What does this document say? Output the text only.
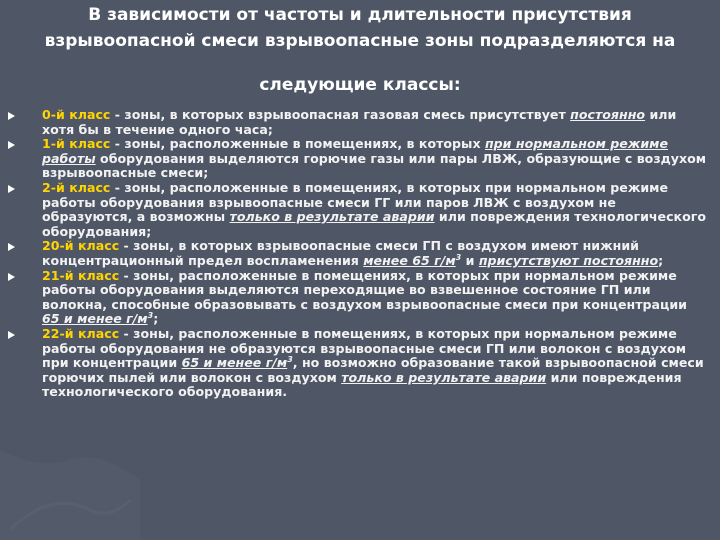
В зависимости от частоты и длительности присутствия
взрывоопасной смеси взрывоопасные зоны подразделяются на
следующие классы:
0-й класс - зоны, в которых взрывоопасная газовая смесь присутствует постоянно или хотя бы в течение одного часа;
1-й класс - зоны, расположенные в помещениях, в которых при нормальном режиме работы оборудования выделяются горючие газы или пары ЛВЖ, образующие с воздухом взрывоопасные смеси;
2-й класс - зоны, расположенные в помещениях, в которых при нормальном режиме работы оборудования взрывоопасные смеси ГГ или паров ЛВЖ с воздухом не образуются, а возможны только в результате аварии или повреждения технологического оборудования;
20-й класс - зоны, в которых взрывоопасные смеси ГП с воздухом имеют нижний концентрационный предел воспламенения менее 65 $г/м^3$ и присутствуют постоянно;
21-й класс - зоны, расположенные в помещениях, в которых при нормальном режиме работы оборудования выделяются переходящие во взвешенное состояние ГП или волокна, способные образовывать с воздухом взрывоопасные смеси при концентрации 65 и менее $г/м^3$;
22-й класс - зоны, расположенные в помещениях, в которых при нормальном режиме работы оборудования не образуются взрывоопасные смеси ГП или волокон с воздухом при концентрации 65 и менее $г/м^3$, но возможно образование такой взрывоопасной смеси горючих пылей или волокон с воздухом только в результате аварии или повреждения технологического оборудования.
